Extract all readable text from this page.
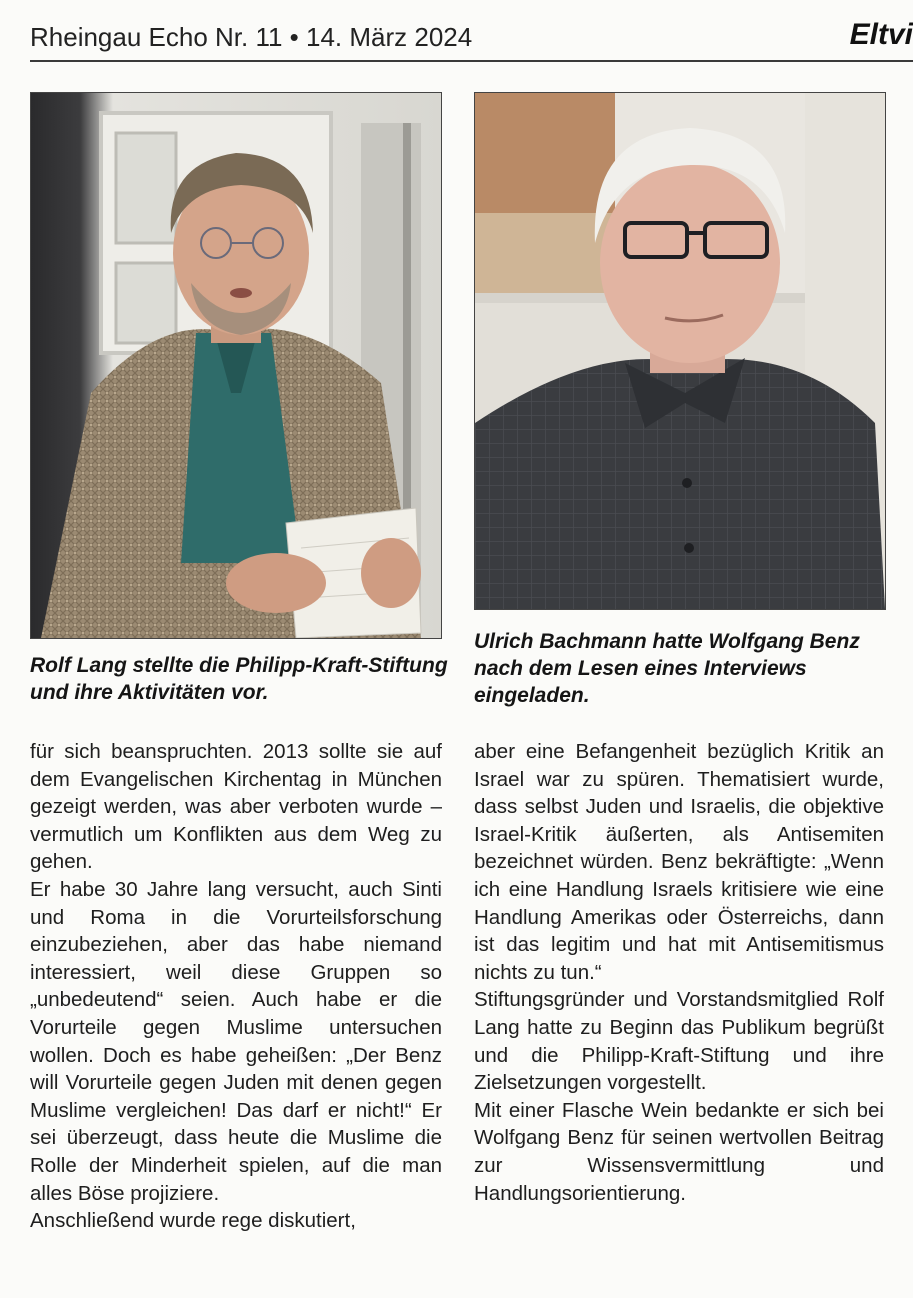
Rheingau Echo Nr. 11 • 14. März 2024	Eltvi
Rolf Lang stellte die Philipp-Kraft-Stiftung und ihre Aktivitäten vor.
Ulrich Bachmann hatte Wolfgang Benz nach dem Lesen eines Interviews eingeladen.

für sich beanspruchten. 2013 sollte sie auf dem Evangelischen Kirchentag in München gezeigt werden, was aber verboten wurde – vermutlich um Konflikten aus dem Weg zu gehen.

Er habe 30 Jahre lang versucht, auch Sinti und Roma in die Vorurteilsforschung einzubeziehen, aber das habe niemand interessiert, weil diese Gruppen so „unbedeutend“ seien. Auch habe er die Vorurteile gegen Muslime untersuchen wollen. Doch es habe geheißen: „Der Benz will Vorurteile gegen Juden mit denen gegen Muslime vergleichen! Das darf er nicht!“ Er sei überzeugt, dass heute die Muslime die Rolle der Minderheit spielen, auf die man alles Böse projiziere.

Anschließend wurde rege diskutiert,

aber eine Befangenheit bezüglich Kritik an Israel war zu spüren. Thematisiert wurde, dass selbst Juden und Israelis, die objektive Israel-Kritik äußerten, als Antisemiten bezeichnet würden. Benz bekräftigte: „Wenn ich eine Handlung Israels kritisiere wie eine Handlung Amerikas oder Österreichs, dann ist das legitim und hat mit Antisemitismus nichts zu tun.“

Stiftungsgründer und Vorstandsmitglied Rolf Lang hatte zu Beginn das Publikum begrüßt und die Philipp-Kraft-Stiftung und ihre Zielsetzungen vorgestellt.

Mit einer Flasche Wein bedankte er sich bei Wolfgang Benz für seinen wertvollen Beitrag zur Wissensvermittlung und Handlungsorientierung.
